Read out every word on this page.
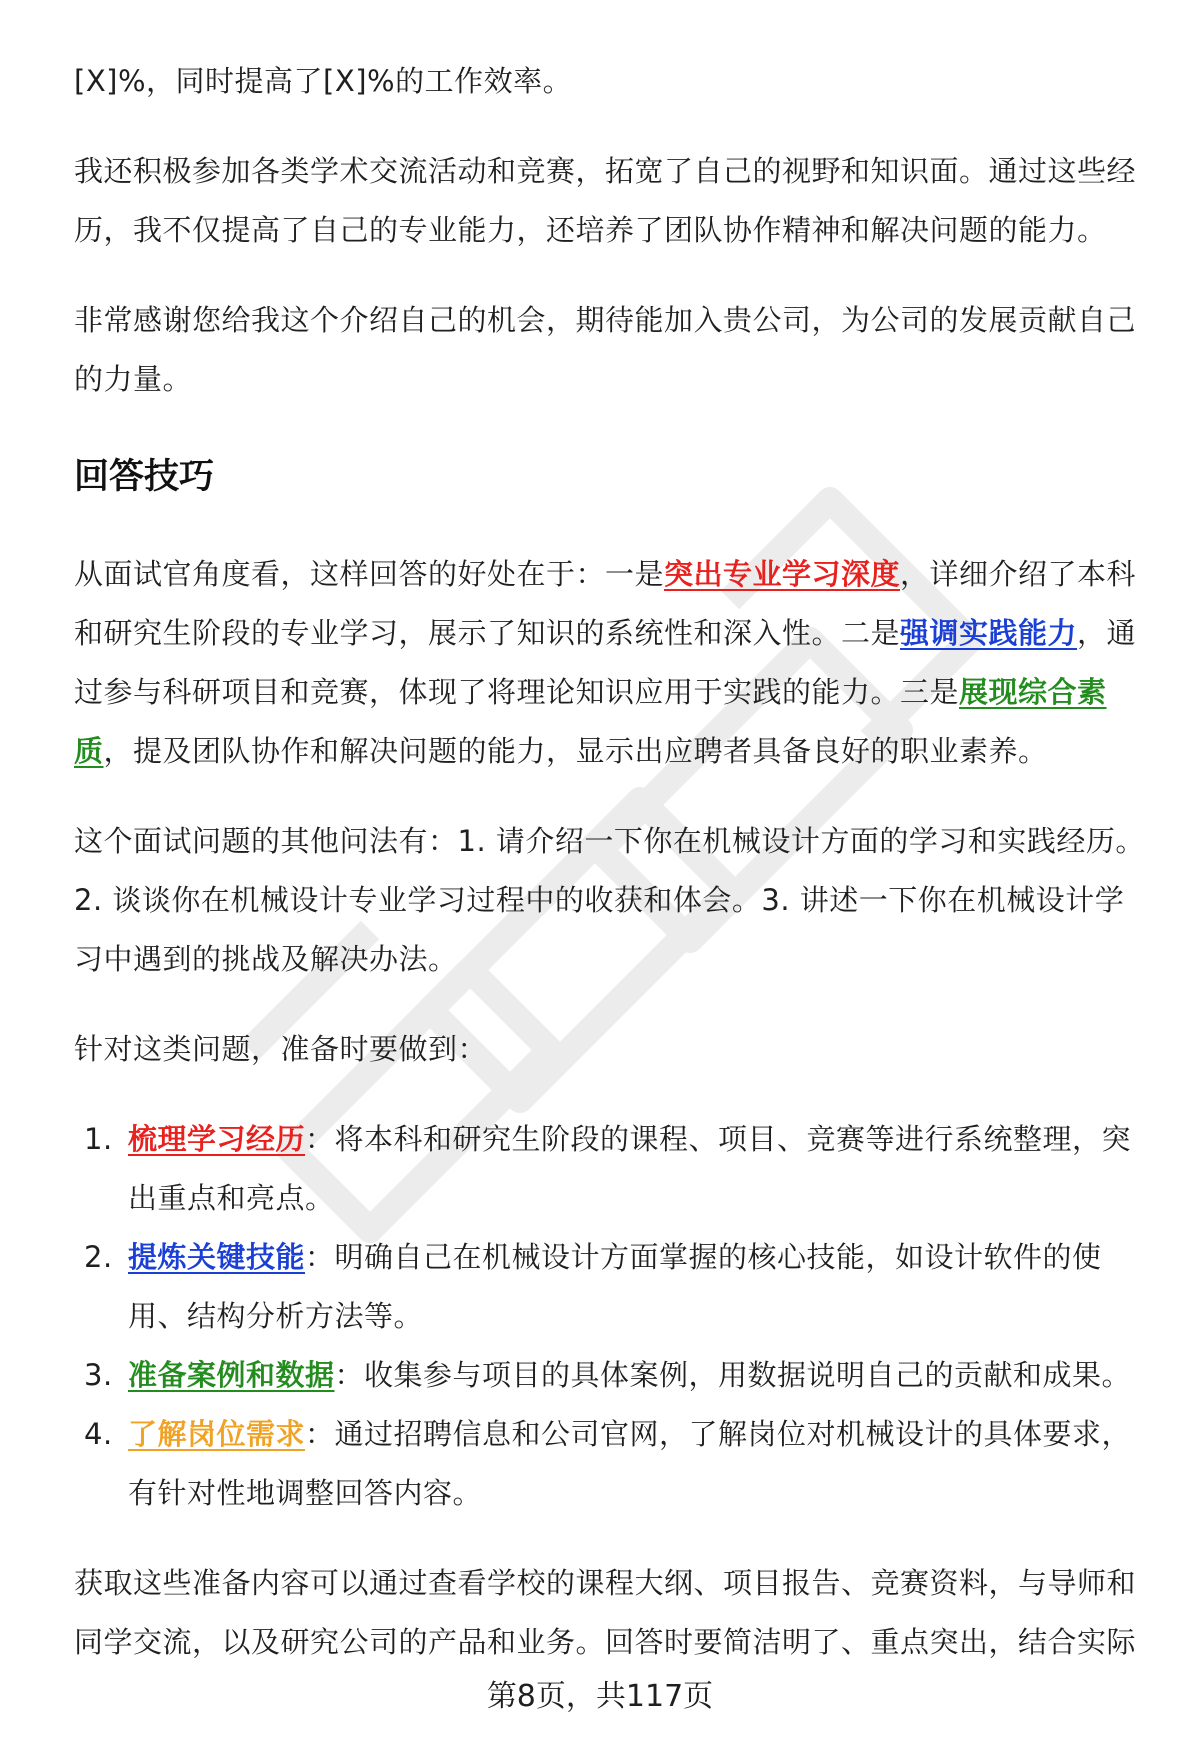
[X]%，同时提高了[X]%的工作效率。

我还积极参加各类学术交流活动和竞赛，拓宽了自己的视野和知识面。通过这些经历，我不仅提高了自己的专业能力，还培养了团队协作精神和解决问题的能力。

非常感谢您给我这个介绍自己的机会，期待能加入贵公司，为公司的发展贡献自己的力量。

回答技巧

从面试官角度看，这样回答的好处在于：一是突出专业学习深度，详细介绍了本科和研究生阶段的专业学习，展示了知识的系统性和深入性。二是强调实践能力，通过参与科研项目和竞赛，体现了将理论知识应用于实践的能力。三是展现综合素质，提及团队协作和解决问题的能力，显示出应聘者具备良好的职业素养。

这个面试问题的其他问法有：1. 请介绍一下你在机械设计方面的学习和实践经历。2. 谈谈你在机械设计专业学习过程中的收获和体会。3. 讲述一下你在机械设计学习中遇到的挑战及解决办法。

针对这类问题，准备时要做到：

1. 梳理学习经历：将本科和研究生阶段的课程、项目、竞赛等进行系统整理，突出重点和亮点。
2. 提炼关键技能：明确自己在机械设计方面掌握的核心技能，如设计软件的使用、结构分析方法等。
3. 准备案例和数据：收集参与项目的具体案例，用数据说明自己的贡献和成果。
4. 了解岗位需求：通过招聘信息和公司官网，了解岗位对机械设计的具体要求，有针对性地调整回答内容。

获取这些准备内容可以通过查看学校的课程大纲、项目报告、竞赛资料，与导师和同学交流，以及研究公司的产品和业务。回答时要简洁明了、重点突出，结合实际

第8页，共117页
